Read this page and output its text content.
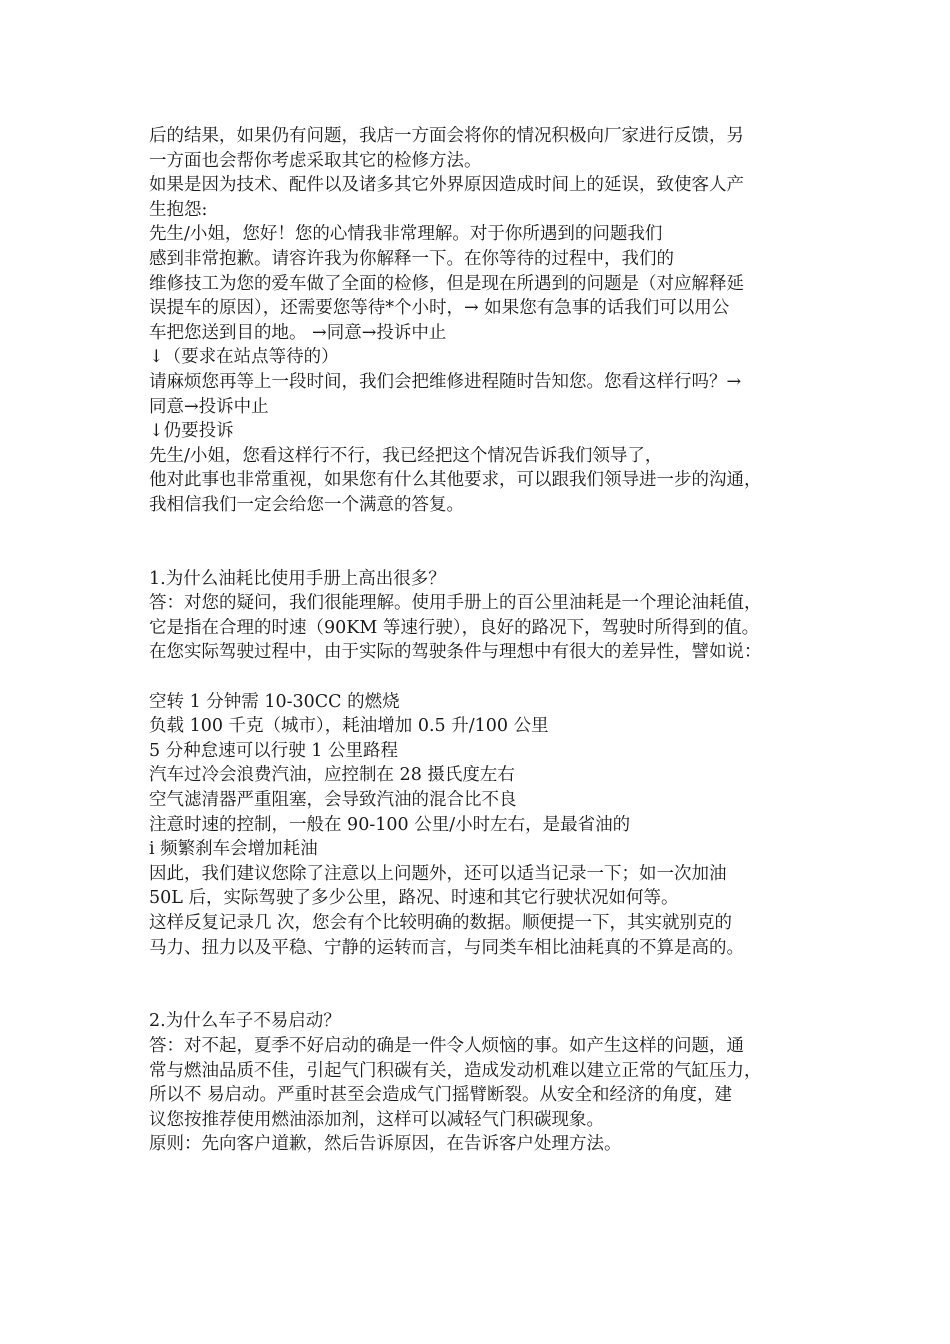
后的结果，如果仍有问题，我店一方面会将你的情况积极向厂家进行反馈，另
一方面也会帮你考虑采取其它的检修方法。
如果是因为技术、配件以及诸多其它外界原因造成时间上的延误，致使客人产
生抱怨:
先生/小姐，您好！您的心情我非常理解。对于你所遇到的问题我们
感到非常抱歉。请容许我为你解释一下。在你等待的过程中，我们的
维修技工为您的爱车做了全面的检修，但是现在所遇到的问题是（对应解释延
误提车的原因），还需要您等待*个小时，→ 如果您有急事的话我们可以用公
车把您送到目的地。 →同意→投诉中止
↓（要求在站点等待的）
请麻烦您再等上一段时间，我们会把维修进程随时告知您。您看这样行吗？→
同意→投诉中止
↓仍要投诉
先生/小姐，您看这样行不行，我已经把这个情况告诉我们领导了，
他对此事也非常重视，如果您有什么其他要求，可以跟我们领导进一步的沟通，
我相信我们一定会给您一个满意的答复。
1.为什么油耗比使用手册上高出很多？
答：对您的疑问，我们很能理解。使用手册上的百公里油耗是一个理论油耗值，
它是指在合理的时速（90KM 等速行驶），良好的路况下，驾驶时所得到的值。
在您实际驾驶过程中，由于实际的驾驶条件与理想中有很大的差异性，譬如说：
空转 1 分钟需 10-30CC 的燃烧
负载 100 千克（城市），耗油增加 0.5 升/100 公里
5 分种怠速可以行驶 1 公里路程
汽车过冷会浪费汽油，应控制在 28 摄氏度左右
空气滤清器严重阻塞，会导致汽油的混合比不良
注意时速的控制，一般在 90-100 公里/小时左右，是最省油的
i 频繁刹车会增加耗油
因此，我们建议您除了注意以上问题外，还可以适当记录一下；如一次加油
50L 后，实际驾驶了多少公里，路况、时速和其它行驶状况如何等。
这样反复记录几 次，您会有个比较明确的数据。顺便提一下，其实就别克的
马力、扭力以及平稳、宁静的运转而言，与同类车相比油耗真的不算是高的。
2.为什么车子不易启动？
答：对不起，夏季不好启动的确是一件令人烦恼的事。如产生这样的问题，通
常与燃油品质不佳，引起气门积碳有关，造成发动机难以建立正常的气缸压力，
所以不 易启动。严重时甚至会造成气门摇臂断裂。从安全和经济的角度，建
议您按推荐使用燃油添加剂，这样可以减轻气门积碳现象。
原则：先向客户道歉，然后告诉原因，在告诉客户处理方法。
